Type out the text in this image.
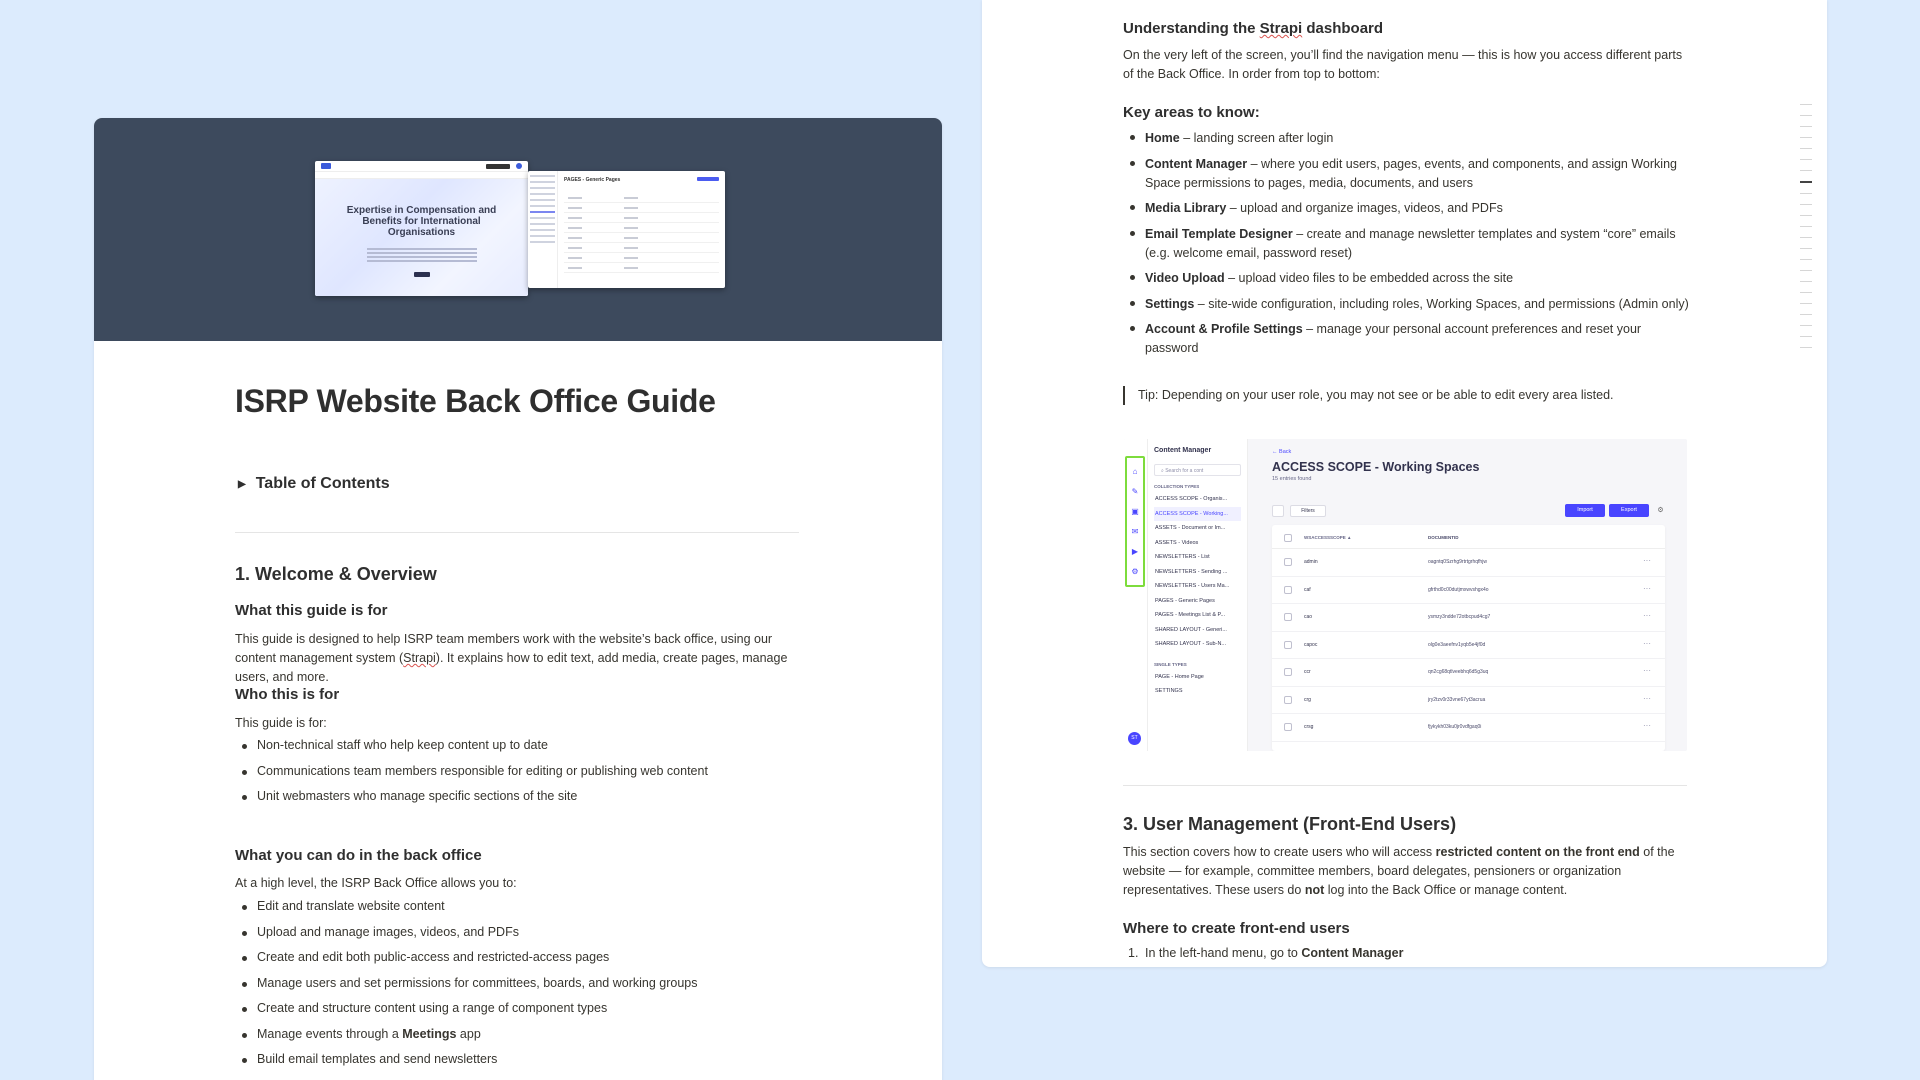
Expertise in Compensation and Benefits for International Organisations
PAGES - Generic Pages
ISRP Website Back Office Guide
▶ Table of Contents
1. Welcome & Overview
What this guide is for

This guide is designed to help ISRP team members work with the website’s back office, using our content management system (Strapi). It explains how to edit text, add media, create pages, manage users, and more.

Who this is for

This guide is for:

Non-technical staff who help keep content up to date
Communications team members responsible for editing or publishing web content
Unit webmasters who manage specific sections of the site
What you can do in the back office

At a high level, the ISRP Back Office allows you to:

Edit and translate website content
Upload and manage images, videos, and PDFs
Create and edit both public-access and restricted-access pages
Manage users and set permissions for committees, boards, and working groups
Create and structure content using a range of component types
Manage events through a Meetings app
Build email templates and send newsletters
Understanding the Strapi dashboard

On the very left of the screen, you’ll find the navigation menu — this is how you access different parts of the Back Office. In order from top to bottom:

Key areas to know:
Home – landing screen after login
Content Manager – where you edit users, pages, events, and components, and assign Working Space permissions to pages, media, documents, and users
Media Library – upload and organize images, videos, and PDFs
Email Template Designer – create and manage newsletter templates and system “core” emails (e.g. welcome email, password reset)
Video Upload – upload video files to be embedded across the site
Settings – site-wide configuration, including roles, Working Spaces, and permissions (Admin only)
Account & Profile Settings – manage your personal account preferences and reset your password
Tip: Depending on your user role, you may not see or be able to edit every area listed.
⌂
✎
▣
✉
▶
⚙
ST
Content Manager
⌕ Search for a cont
COLLECTION TYPES
ACCESS SCOPE - Organis...
ACCESS SCOPE - Working...
ASSETS - Document or Im...
ASSETS - Videos
NEWSLETTERS - List
NEWSLETTERS - Sending ...
NEWSLETTERS - Users Ma...
PAGES - Generic Pages
PAGES - Meetings List & P...
SHARED LAYOUT - Generi...
SHARED LAYOUT - Sub-N...
SINGLE TYPES
PAGE - Home Page
SETTINGS
← Back
ACCESS SCOPE - Working Spaces
15 entries found
Filters	Import	Export	⚙
WSACCESSSCOPE ▲	DOCUMENTID
admin	oagntq0Szrhg9rtrtgrhqfhjw	···
caf	gfrthd0c00dutjmxwvshgx4o	···
cao	ysmzy3ndde72otbcpud4cg7	···
capoc	olg0e3aeefnv1yqb5e4jf0d	···
ccr	qn2cg68qtlveebhq6d5g3uq	···
crg	jry2tzv0r33vne67yt3acrua	···
crsg	fjykykh03ku0jr0vdfgaq0i	···
3. User Management (Front-End Users)

This section covers how to create users who will access restricted content on the front end of the website — for example, committee members, board delegates, pensioners or organization representatives. These users do not log into the Back Office or manage content.

Where to create front-end users
1. In the left-hand menu, go to Content Manager
